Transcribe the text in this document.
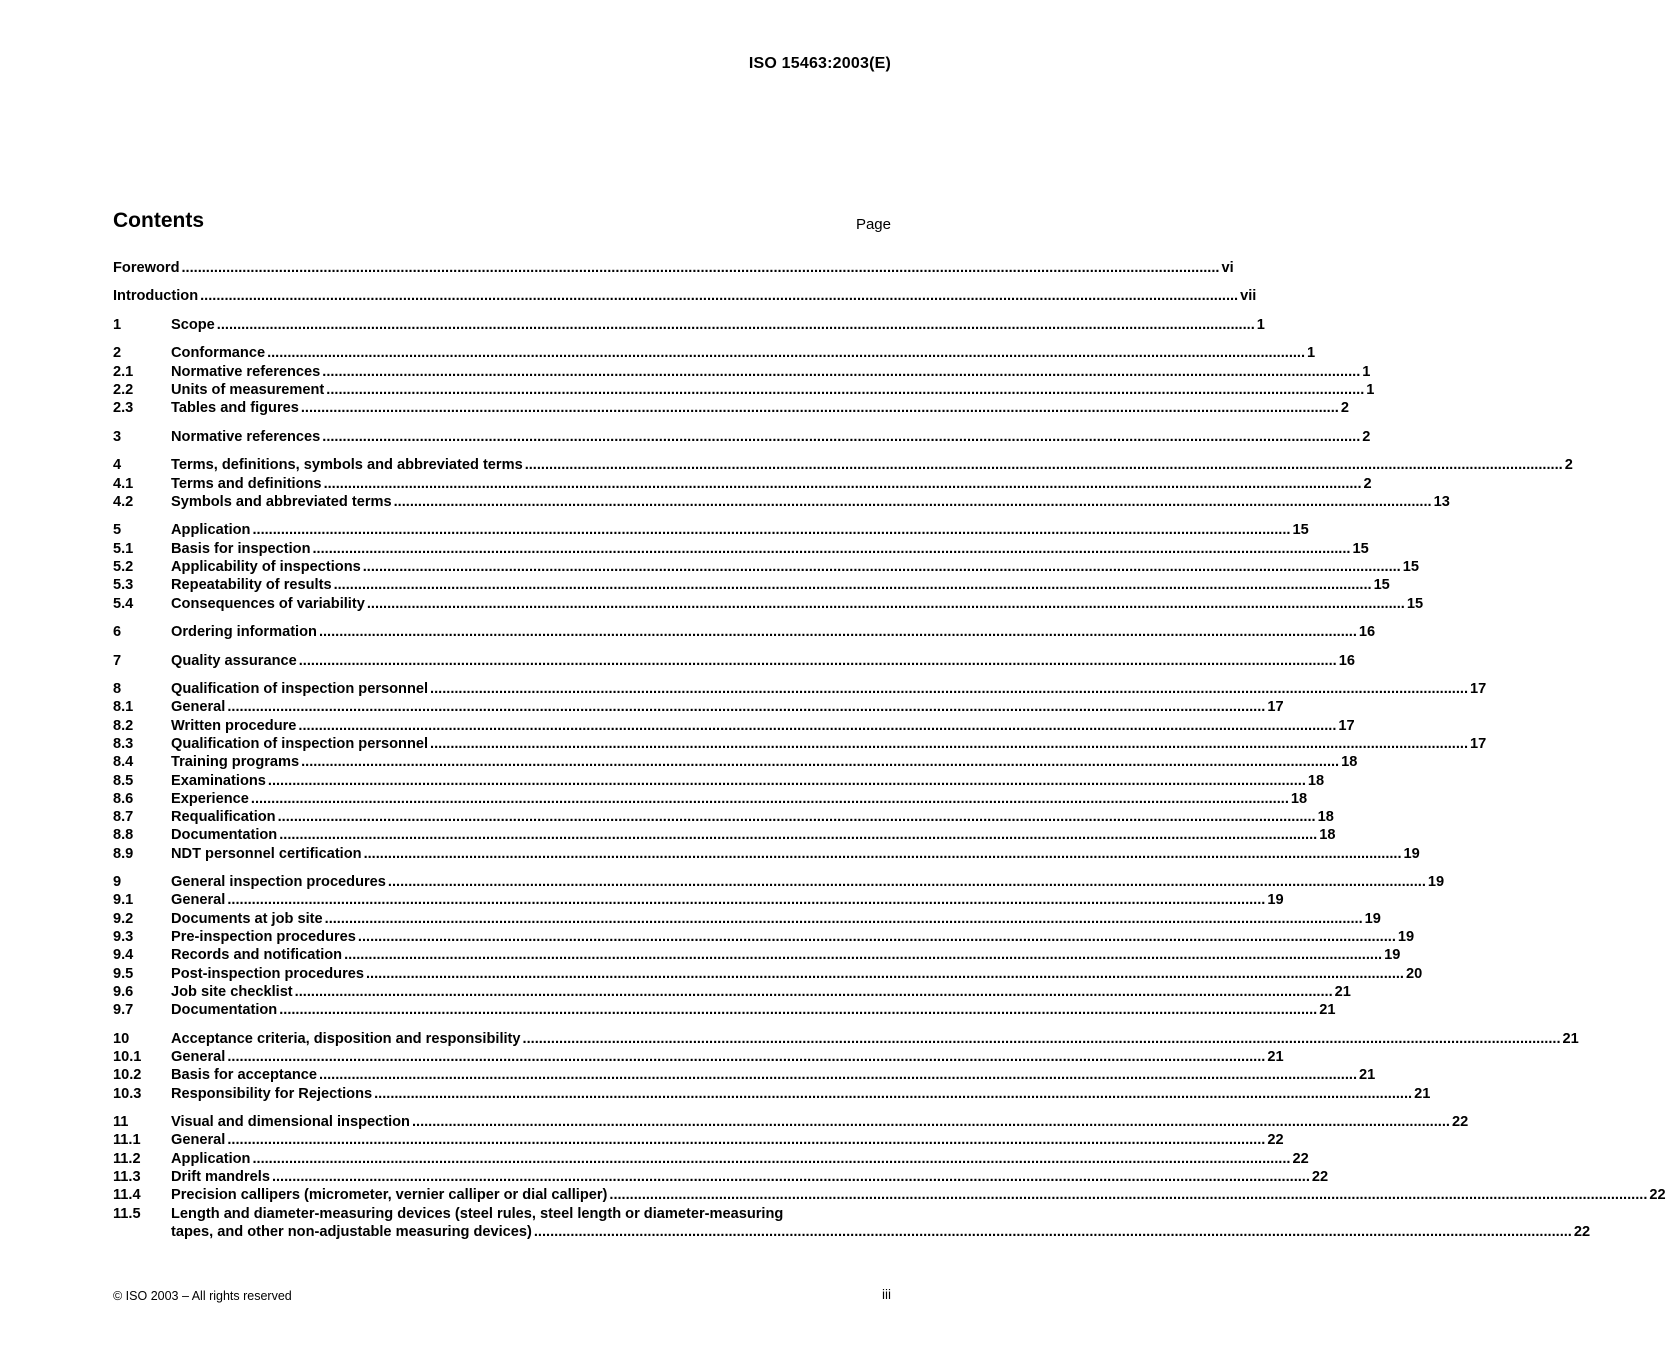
ISO 15463:2003(E)
Contents	Page
Foreword .....	vi
Introduction .....	vii
1	Scope .....	1
2	Conformance .....	1
2.1	Normative references .....	1
2.2	Units of measurement .....	1
2.3	Tables and figures .....	2
3	Normative references .....	2
4	Terms, definitions, symbols and abbreviated terms .....	2
4.1	Terms and definitions .....	2
4.2	Symbols and abbreviated terms .....	13
5	Application .....	15
5.1	Basis for inspection .....	15
5.2	Applicability of inspections .....	15
5.3	Repeatability of results .....	15
5.4	Consequences of variability .....	15
6	Ordering information .....	16
7	Quality assurance .....	16
8	Qualification of inspection personnel .....	17
8.1	General .....	17
8.2	Written procedure .....	17
8.3	Qualification of inspection personnel .....	17
8.4	Training programs .....	18
8.5	Examinations .....	18
8.6	Experience .....	18
8.7	Requalification .....	18
8.8	Documentation .....	18
8.9	NDT personnel certification .....	19
9	General inspection procedures .....	19
9.1	General .....	19
9.2	Documents at job site .....	19
9.3	Pre-inspection procedures .....	19
9.4	Records and notification .....	19
9.5	Post-inspection procedures .....	20
9.6	Job site checklist .....	21
9.7	Documentation .....	21
10	Acceptance criteria, disposition and responsibility .....	21
10.1	General .....	21
10.2	Basis for acceptance .....	21
10.3	Responsibility for Rejections .....	21
11	Visual and dimensional inspection .....	22
11.1	General .....	22
11.2	Application .....	22
11.3	Drift mandrels .....	22
11.4	Precision callipers (micrometer, vernier calliper or dial calliper) .....	22
11.5	Length and diameter-measuring devices (steel rules, steel length or diameter-measuring
tapes, and other non-adjustable measuring devices) .....	22
© ISO 2003 – All rights reserved	iii
